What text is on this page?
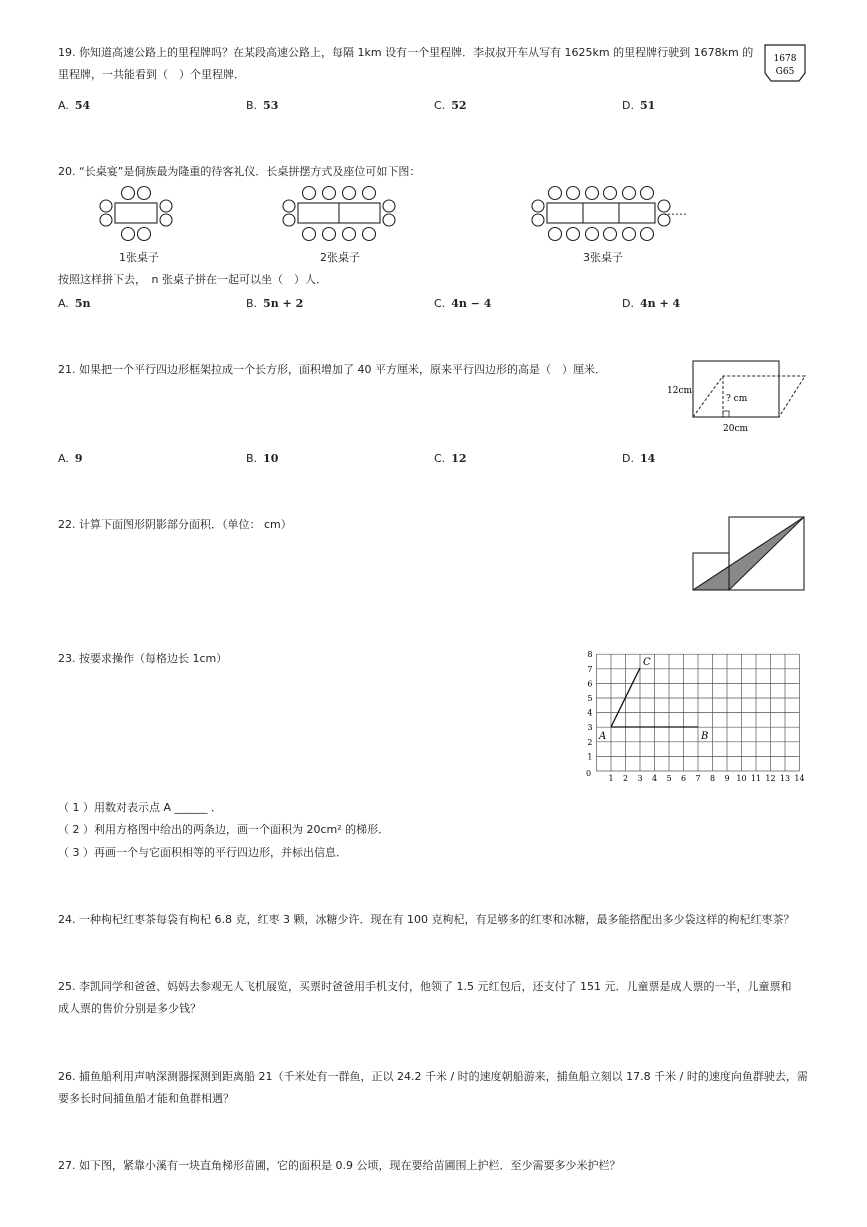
19. 你知道高速公路上的里程牌吗？在某段高速公路上，每隔 1km 设有一个里程牌．李叔叔开车从写有 1625km 的里程牌行驶到 1678km 的
里程牌，一共能看到（　）个里程牌．
1678
G65
A. 54	B. 53	C. 52	D. 51
20. “长桌宴”是侗族最为隆重的待客礼仪．长桌拼摆方式及座位可如下图：
……
1张桌子	2张桌子	3张桌子
按照这样拼下去，　n 张桌子拼在一起可以坐（　）人．
A. 5n	B. 5n + 2	C. 4n − 4	D. 4n + 4
21. 如果把一个平行四边形框架拉成一个长方形，面积增加了 40 平方厘米，原来平行四边形的高是（　）厘米．
12cm
? cm
20cm
A. 9	B. 10	C. 12	D. 14
22. 计算下面图形阴影部分面积．（单位： cm）
23. 按要求操作（每格边长 1cm）
A	B
C
0
1 2 3 4 5 6 7 8 9 10 11 12 13 14
1
2
3
4
5
6
7
8
（ 1 ）用数对表示点 A ______ ．
（ 2 ）利用方格图中给出的两条边，画一个面积为 20cm² 的梯形．
（ 3 ）再画一个与它面积相等的平行四边形，并标出信息．
24. 一种枸杞红枣茶每袋有枸杞 6.8 克，红枣 3 颗，冰糖少许．现在有 100 克枸杞，有足够多的红枣和冰糖，最多能搭配出多少袋这样的枸杞红枣茶？
25. 李凯同学和爸爸、妈妈去参观无人飞机展览，买票时爸爸用手机支付，他领了 1.5 元红包后，还支付了 151 元．儿童票是成人票的一半，儿童票和
成人票的售价分别是多少钱？
26. 捕鱼船利用声呐深测器探测到距离船 21（千米处有一群鱼，正以 24.2 千米 / 时的速度朝船游来，捕鱼船立刻以 17.8 千米 / 时的速度向鱼群驶去，需
要多长时间捕鱼船才能和鱼群相遇？
27. 如下图，紧靠小溪有一块直角梯形苗圃，它的面积是 0.9 公顷，现在要给苗圃围上护栏．至少需要多少米护栏？
